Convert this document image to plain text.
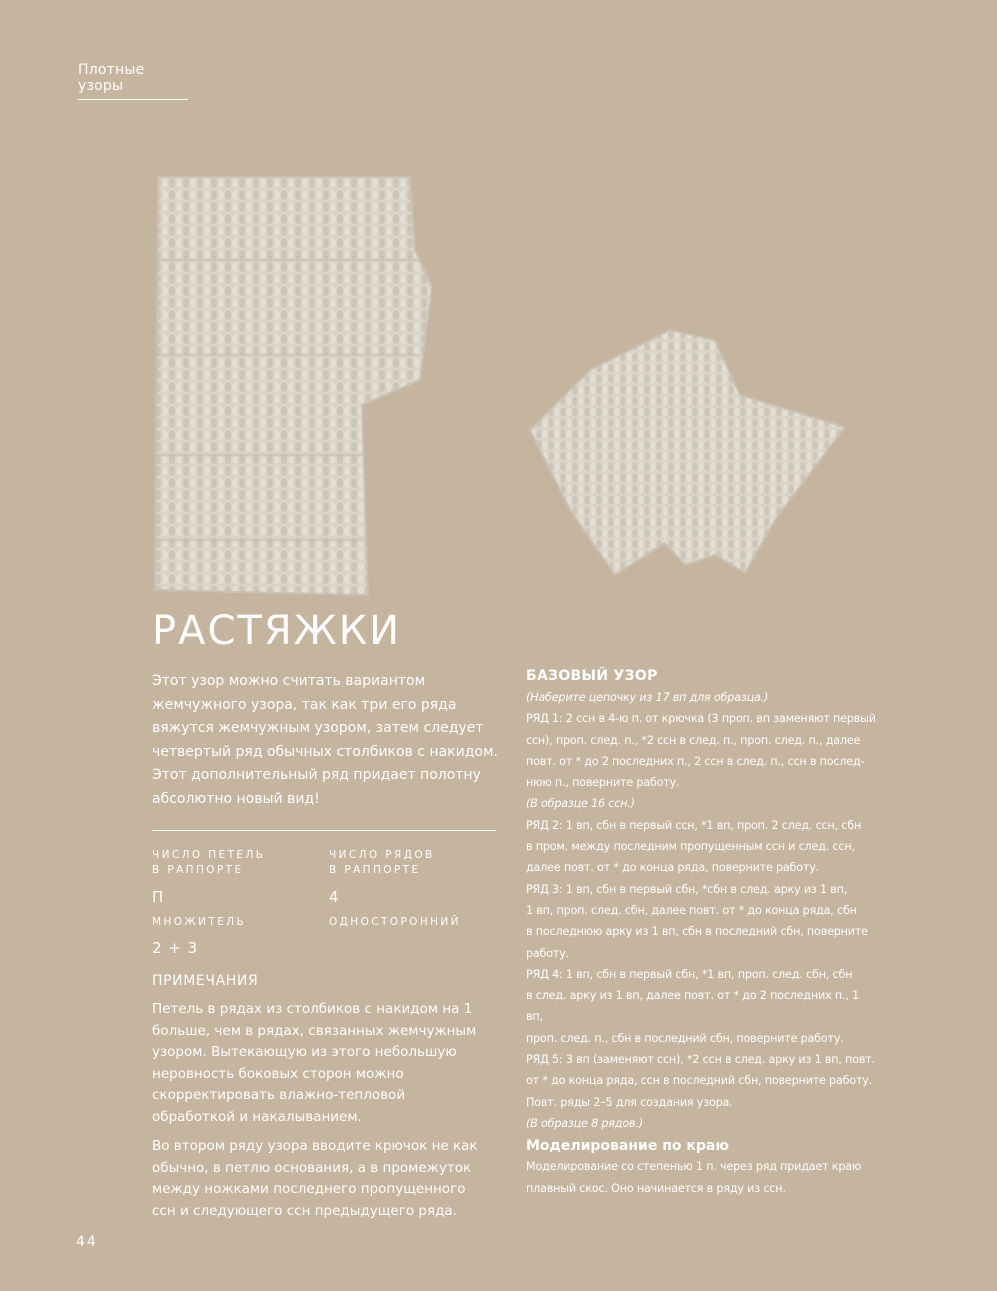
Плотные узоры
РАСТЯЖКИ
Этот узор можно считать вариантом жемчужного узора, так как три его ряда вяжутся жемчужным узором, затем следует четвертый ряд обычных столбиков с накидом. Этот дополнительный ряд придает полотну абсолютно новый вид!
ЧИСЛО ПЕТЕЛЬ
В РАППОРТЕ
ЧИСЛО РЯДОВ
В РАППОРТЕ
П	4
МНОЖИТЕЛЬ	ОДНОСТОРОННИЙ
2 + 3
ПРИМЕЧАНИЯ

Петель в рядах из столбиков с накидом на 1 больше, чем в рядах, связанных жемчужным узором. Вытекающую из этого небольшую неровность боковых сторон можно скорректировать влажно-тепловой обработкой и накалыванием.

Во втором ряду узора вводите крючок не как обычно, в петлю основания, а в промежуток между ножками последнего пропущенного ссн и следующего ссн предыдущего ряда.

44
БАЗОВЫЙ УЗОР
(Наберите цепочку из 17 вп для образца.)
РЯД 1: 2 ссн в 4-ю п. от крючка (3 проп. вп заменяют первый
ссн), проп. след. п., *2 ссн в след. п., проп. след. п., далее
повт. от * до 2 последних п., 2 ссн в след. п., ссн в послед-
нюю п., поверните работу.
(В образце 16 ссн.)
РЯД 2: 1 вп, сбн в первый ссн, *1 вп, проп. 2 след. ссн, сбн
в пром. между последним пропущенным ссн и след. ссн,
далее повт. от * до конца ряда, поверните работу.
РЯД 3: 1 вп, сбн в первый сбн, *сбн в след. арку из 1 вп,
1 вп, проп. след. сбн, далее повт. от * до конца ряда, сбн
в последнюю арку из 1 вп, сбн в последний сбн, поверните
работу.
РЯД 4: 1 вп, сбн в первый сбн, *1 вп, проп. след. сбн, сбн
в след. арку из 1 вп, далее повт. от * до 2 последних п., 1 вп,
проп. след. п., сбн в последний сбн, поверните работу.
РЯД 5: 3 вп (заменяют ссн), *2 ссн в след. арку из 1 вп, повт.
от * до конца ряда, ссн в последний сбн, поверните работу.
Повт. ряды 2–5 для создания узора.
(В образце 8 рядов.)
Моделирование по краю
Моделирование со степенью 1 п. через ряд придает краю
плавный скос. Оно начинается в ряду из ссн.
